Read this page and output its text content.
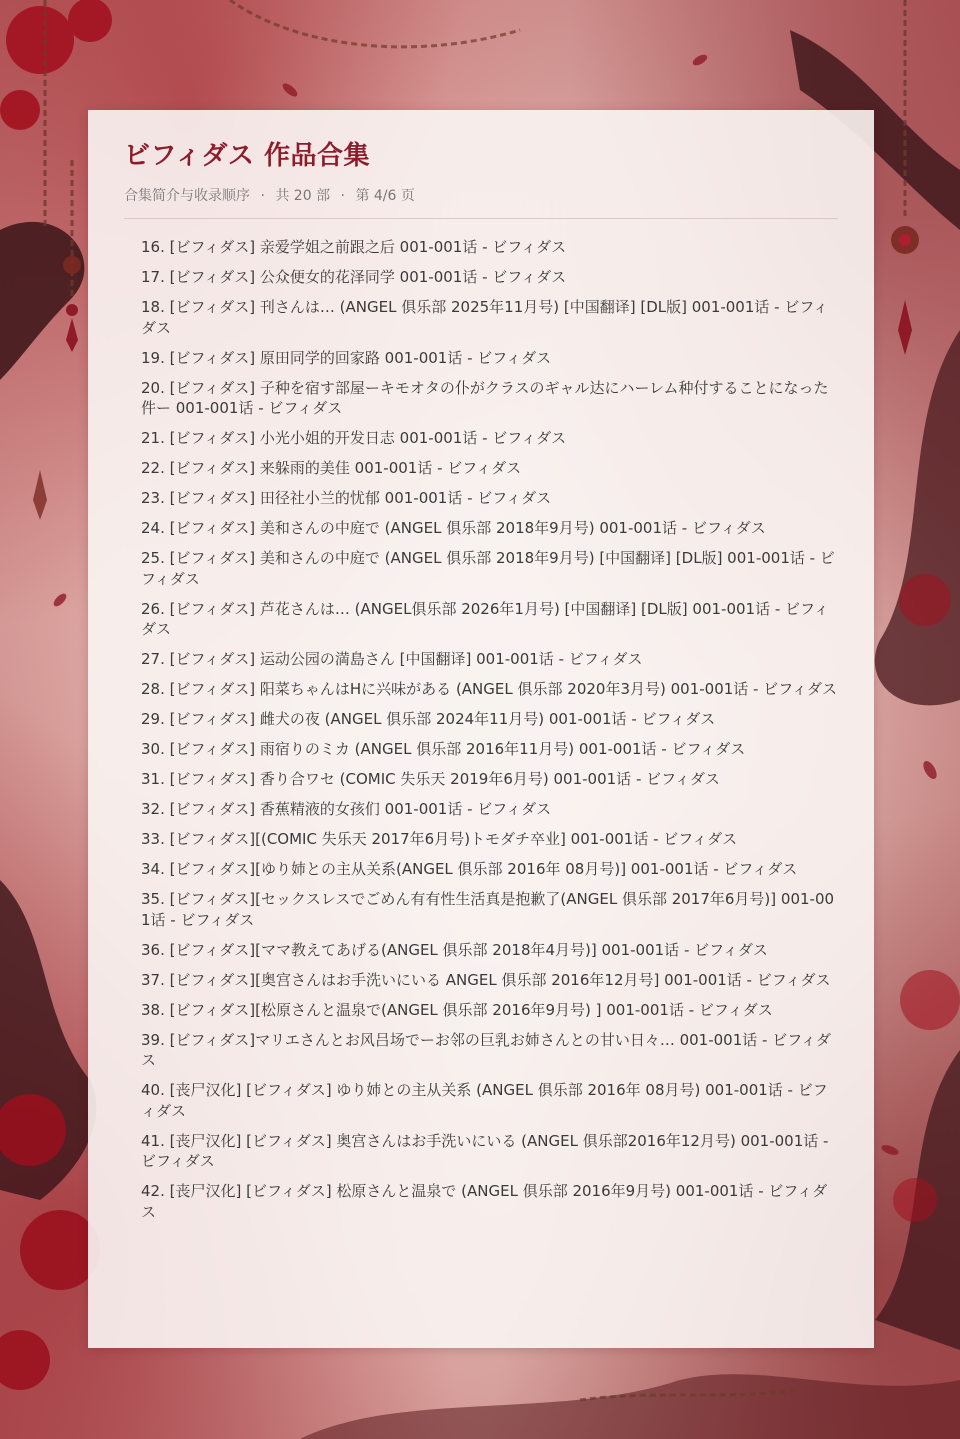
ビフィダス 作品合集
合集简介与收录顺序 · 共 20 部 · 第 4/6 页
16. [ビフィダス] 亲爱学姐之前跟之后 001-001话 - ビフィダス
17. [ビフィダス] 公众便女的花泽同学 001-001话 - ビフィダス
18. [ビフィダス] 刊さんは… (ANGEL 俱乐部 2025年11月号) [中国翻译] [DL版] 001-001话 - ビフィダス
19. [ビフィダス] 原田同学的回家路 001-001话 - ビフィダス
20. [ビフィダス] 子种を宿す部屋ーキモオタの仆がクラスのギャル达にハーレム种付することになった件ー 001-001话 - ビフィダス
21. [ビフィダス] 小光小姐的开发日志 001-001话 - ビフィダス
22. [ビフィダス] 来躲雨的美佳 001-001话 - ビフィダス
23. [ビフィダス] 田径社小兰的忧郁 001-001话 - ビフィダス
24. [ビフィダス] 美和さんの中庭で (ANGEL 俱乐部 2018年9月号) 001-001话 - ビフィダス
25. [ビフィダス] 美和さんの中庭で (ANGEL 俱乐部 2018年9月号) [中国翻译] [DL版] 001-001话 - ビフィダス
26. [ビフィダス] 芦花さんは… (ANGEL俱乐部 2026年1月号) [中国翻译] [DL版] 001-001话 - ビフィダス
27. [ビフィダス] 运动公园の満島さん [中国翻译] 001-001话 - ビフィダス
28. [ビフィダス] 阳菜ちゃんはHに兴味がある (ANGEL 俱乐部 2020年3月号) 001-001话 - ビフィダス
29. [ビフィダス] 雌犬の夜 (ANGEL 俱乐部 2024年11月号) 001-001话 - ビフィダス
30. [ビフィダス] 雨宿りのミカ (ANGEL 俱乐部 2016年11月号) 001-001话 - ビフィダス
31. [ビフィダス] 香り合ワセ (COMIC 失乐天 2019年6月号) 001-001话 - ビフィダス
32. [ビフィダス] 香蕉精液的女孩们 001-001话 - ビフィダス
33. [ビフィダス][(COMIC 失乐天 2017年6月号)トモダチ卒业] 001-001话 - ビフィダス
34. [ビフィダス][ゆり姉との主从关系(ANGEL 俱乐部 2016年 08月号)] 001-001话 - ビフィダス
35. [ビフィダス][セックスレスでごめん有有性生活真是抱歉了(ANGEL 俱乐部 2017年6月号)] 001-001话 - ビフィダス
36. [ビフィダス][ママ教えてあげる(ANGEL 俱乐部 2018年4月号)] 001-001话 - ビフィダス
37. [ビフィダス][奥宫さんはお手洗いにいる ANGEL 俱乐部 2016年12月号] 001-001话 - ビフィダス
38. [ビフィダス][松原さんと温泉で(ANGEL 俱乐部 2016年9月号) ] 001-001话 - ビフィダス
39. [ビフィダス]マリエさんとお风吕场でーお邻の巨乳お姉さんとの甘い日々… 001-001话 - ビフィダス
40. [丧尸汉化] [ビフィダス] ゆり姉との主从关系 (ANGEL 俱乐部 2016年 08月号) 001-001话 - ビフィダス
41. [丧尸汉化] [ビフィダス] 奥宫さんはお手洗いにいる (ANGEL 俱乐部2016年12月号) 001-001话 - ビフィダス
42. [丧尸汉化] [ビフィダス] 松原さんと温泉で (ANGEL 俱乐部 2016年9月号) 001-001话 - ビフィダス
